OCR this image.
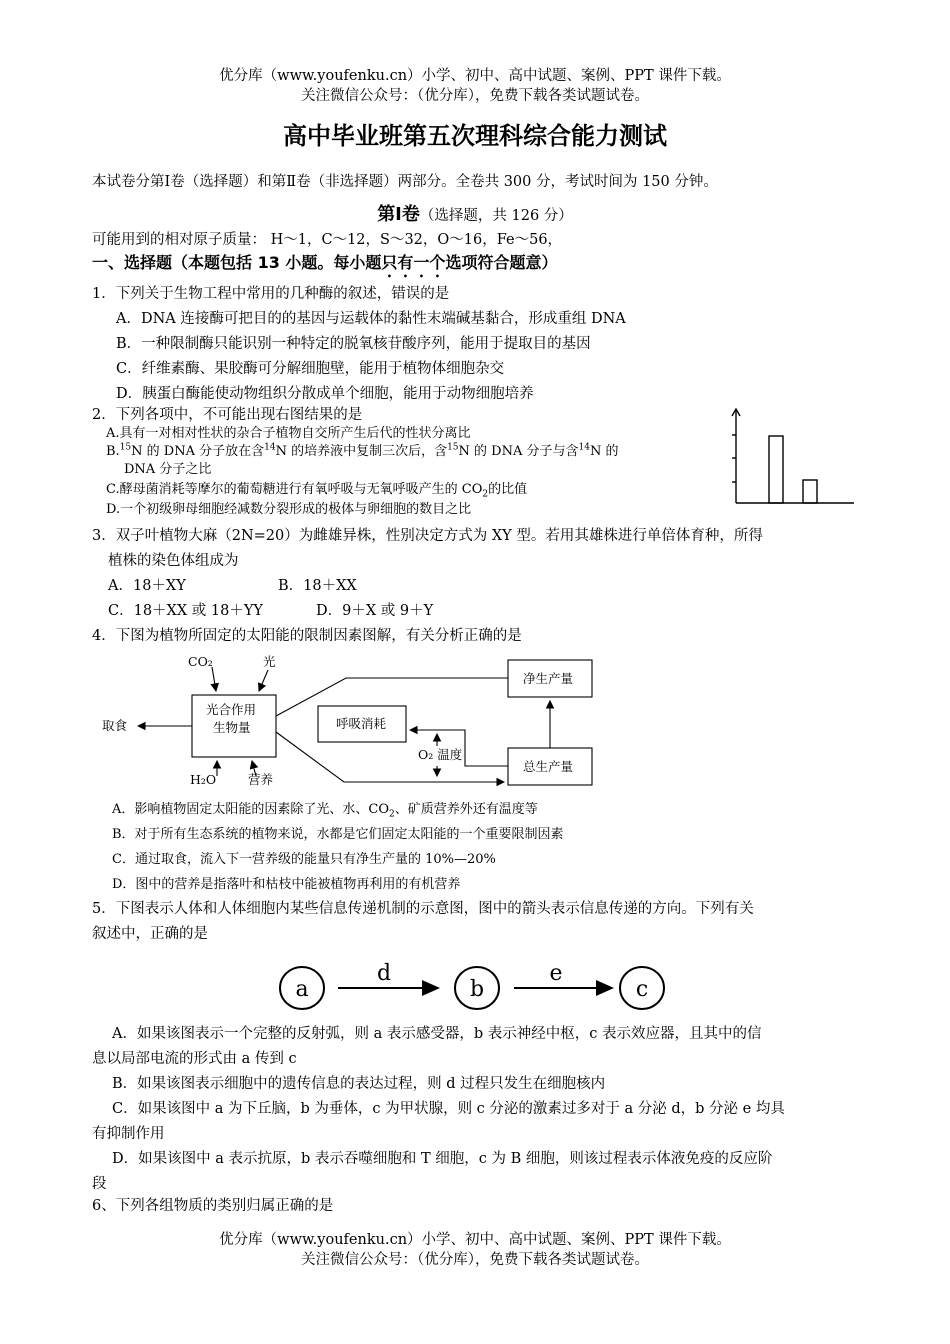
优分库（www.youfenku.cn）小学、初中、高中试题、案例、PPT 课件下载。
关注微信公众号：（优分库），免费下载各类试题试卷。
高中毕业班第五次理科综合能力测试
本试卷分第Ⅰ卷（选择题）和第Ⅱ卷（非选择题）两部分。全卷共 300 分，考试时间为 150 分钟。
第Ⅰ卷（选择题，共 126 分）
可能用到的相对原子质量： H～1，C～12，S～32，O～16，Fe～56，
一、选择题（本题包括 13 小题。每小题只有一个选项符合题意）
1．下列关于生物工程中常用的几种酶的叙述，错误的是
A．DNA 连接酶可把目的的基因与运载体的黏性末端碱基黏合，形成重组 DNA
B．一种限制酶只能识别一种特定的脱氧核苷酸序列，能用于提取目的基因
C．纤维素酶、果胶酶可分解细胞壁，能用于植物体细胞杂交
D．胰蛋白酶能使动物组织分散成单个细胞，能用于动物细胞培养
2．下列各项中，不可能出现右图结果的是
A.具有一对相对性状的杂合子植物自交所产生后代的性状分离比
B.$^{15}$N 的 DNA 分子放在含$^{14}$N 的培养液中复制三次后，含$^{15}$N 的 DNA 分子与含$^{14}$N 的
DNA 分子之比
C.酵母菌消耗等摩尔的葡萄糖进行有氧呼吸与无氧呼吸产生的 $CO_2$的比值
D.一个初级卵母细胞经减数分裂形成的极体与卵细胞的数目之比
3．双子叶植物大麻（2N=20）为雌雄异株，性别决定方式为 XY 型。若用其雄株进行单倍体育种，所得
植株的染色体组成为
A．18＋XY	B．18＋XX
C．18＋XX 或 18＋YY	D．9＋X 或 9＋Y
4．下图为植物所固定的太阳能的限制因素图解，有关分析正确的是
CO₂	光
H₂O	营养
取食
光合作用
生物量	呼吸消耗
净生产量
总生产量
O₂ 温度
A．影响植物固定太阳能的因素除了光、水、$CO_2$、矿质营养外还有温度等
B．对于所有生态系统的植物来说，水都是它们固定太阳能的一个重要限制因素
C．通过取食，流入下一营养级的能量只有净生产量的 10%—20%
D．图中的营养是指落叶和枯枝中能被植物再利用的有机营养
5．下图表示人体和人体细胞内某些信息传递机制的示意图，图中的箭头表示信息传递的方向。下列有关
叙述中，正确的是
a	b	c
d	e
A．如果该图表示一个完整的反射弧，则 a 表示感受器，b 表示神经中枢，c 表示效应器，且其中的信
息以局部电流的形式由 a 传到 c
B．如果该图表示细胞中的遗传信息的表达过程，则 d 过程只发生在细胞核内
C．如果该图中 a 为下丘脑，b 为垂体，c 为甲状腺，则 c 分泌的激素过多对于 a 分泌 d，b 分泌 e 均具
有抑制作用
D．如果该图中 a 表示抗原，b 表示吞噬细胞和 T 细胞，c 为 B 细胞，则该过程表示体液免疫的反应阶
段
6、下列各组物质的类别归属正确的是
优分库（www.youfenku.cn）小学、初中、高中试题、案例、PPT 课件下载。
关注微信公众号：（优分库），免费下载各类试题试卷。
